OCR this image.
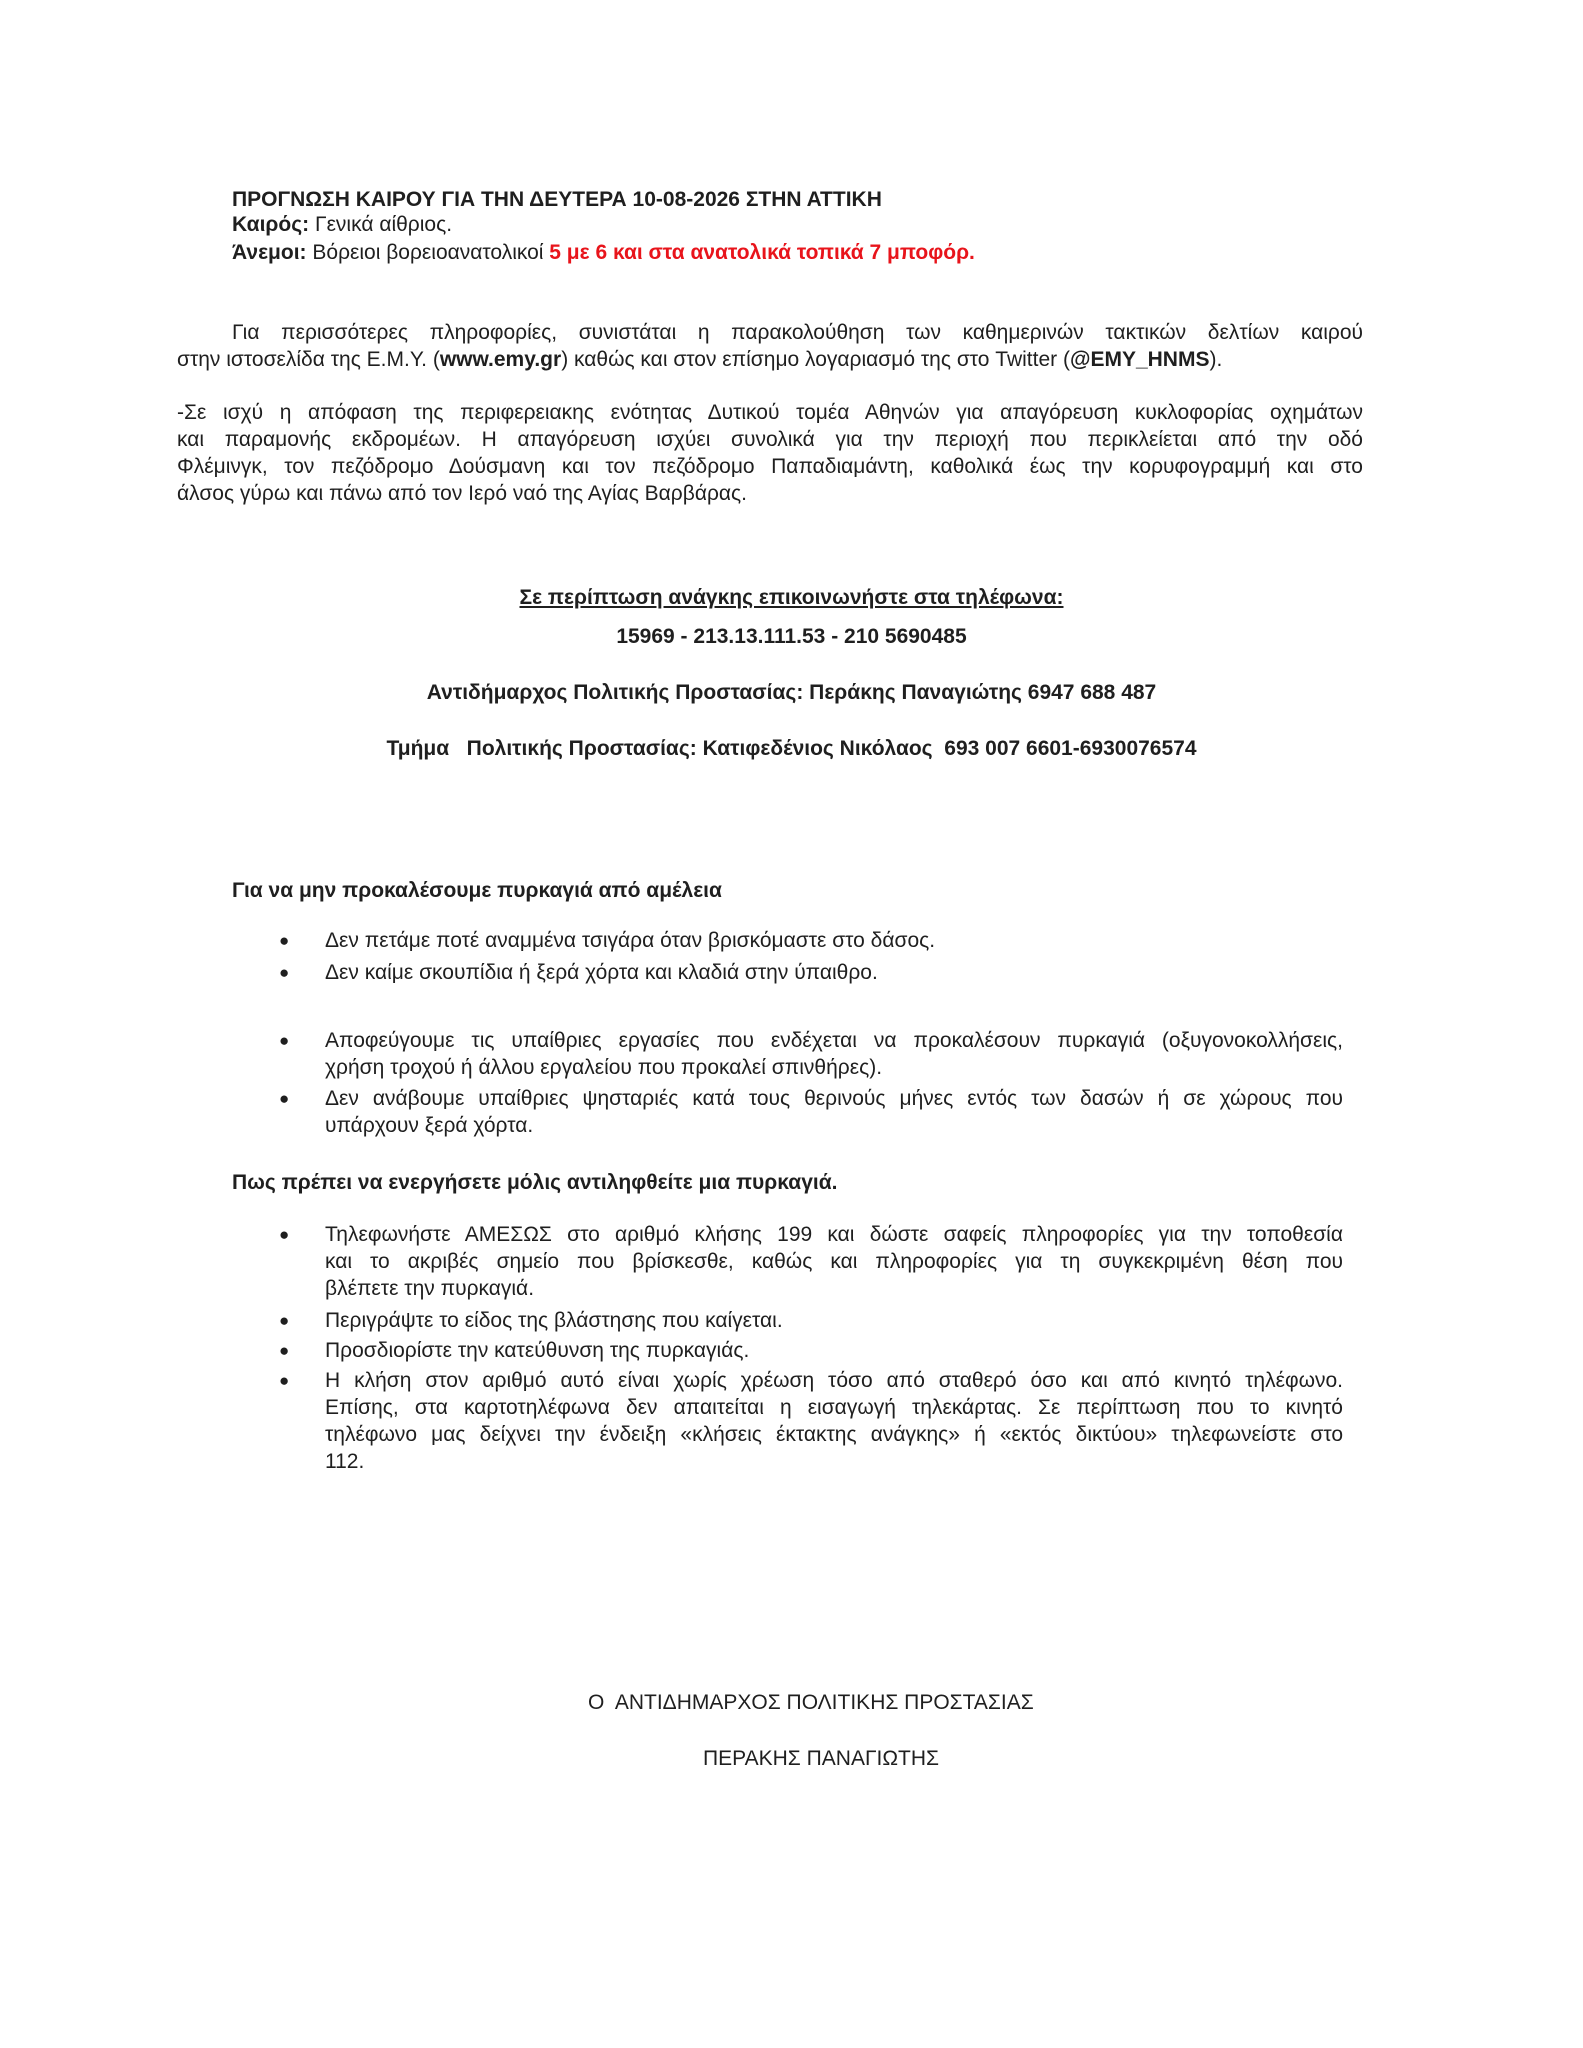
ΠΡΟΓΝΩΣΗ ΚΑΙΡΟΥ ΓΙΑ ΤΗΝ ΔΕΥΤΕΡΑ 10-08-2026 ΣΤΗΝ ΑΤΤΙΚΗ
Καιρός: Γενικά αίθριος.
Άνεμοι: Βόρειοι βορειοανατολικοί 5 με 6 και στα ανατολικά τοπικά 7 μποφόρ.
Για περισσότερες πληροφορίες, συνιστάται η παρακολούθηση των καθημερινών τακτικών δελτίων καιρού
στην ιστοσελίδα της Ε.Μ.Υ. (www.emy.gr) καθώς και στον επίσημο λογαριασμό της στο Twitter (@EMY_HNMS).
-Σε ισχύ η απόφαση της περιφερειακης ενότητας Δυτικού τομέα Αθηνών για απαγόρευση κυκλοφορίας οχημάτων
και παραμονής εκδρομέων. Η απαγόρευση ισχύει συνολικά για την περιοχή που περικλείεται από την οδό
Φλέμινγκ, τον πεζόδρομο Δούσμανη και τον πεζόδρομο Παπαδιαμάντη, καθολικά έως την κορυφογραμμή και στο
άλσος γύρω και πάνω από τον Ιερό ναό της Αγίας Βαρβάρας.
Σε περίπτωση ανάγκης επικοινωνήστε στα τηλέφωνα:
15969 - 213.13.111.53 - 210 5690485
Αντιδήμαρχος Πολιτικής Προστασίας: Περάκης Παναγιώτης 6947 688 487
Τμήμα   Πολιτικής Προστασίας: Κατιφεδένιος Νικόλαος  693 007 6601-6930076574
Για να μην προκαλέσουμε πυρκαγιά από αμέλεια
●	Δεν πετάμε ποτέ αναμμένα τσιγάρα όταν βρισκόμαστε στο δάσος.
●	Δεν καίμε σκουπίδια ή ξερά χόρτα και κλαδιά στην ύπαιθρο.
●	Αποφεύγουμε τις υπαίθριες εργασίες που ενδέχεται να προκαλέσουν πυρκαγιά (οξυγονοκολλήσεις,
χρήση τροχού ή άλλου εργαλείου που προκαλεί σπινθήρες).
●	Δεν ανάβουμε υπαίθριες ψησταριές κατά τους θερινούς μήνες εντός των δασών ή σε χώρους που
υπάρχουν ξερά χόρτα.
Πως πρέπει να ενεργήσετε μόλις αντιληφθείτε μια πυρκαγιά.
●	Τηλεφωνήστε ΑΜΕΣΩΣ στο αριθμό κλήσης 199 και δώστε σαφείς πληροφορίες για την τοποθεσία
και το ακριβές σημείο που βρίσκεσθε, καθώς και πληροφορίες για τη συγκεκριμένη θέση που
βλέπετε την πυρκαγιά.
●	Περιγράψτε το είδος της βλάστησης που καίγεται.
●	Προσδιορίστε την κατεύθυνση της πυρκαγιάς.
●	Η κλήση στον αριθμό αυτό είναι χωρίς χρέωση τόσο από σταθερό όσο και από κινητό τηλέφωνο.
Επίσης, στα καρτοτηλέφωνα δεν απαιτείται η εισαγωγή τηλεκάρτας. Σε περίπτωση που το κινητό
τηλέφωνο μας δείχνει την ένδειξη «κλήσεις έκτακτης ανάγκης» ή «εκτός δικτύου» τηλεφωνείστε στο
112.
Ο  ΑΝΤΙΔΗΜΑΡΧΟΣ ΠΟΛΙΤΙΚΗΣ ΠΡΟΣΤΑΣΙΑΣ
ΠΕΡΑΚΗΣ ΠΑΝΑΓΙΩΤΗΣ
